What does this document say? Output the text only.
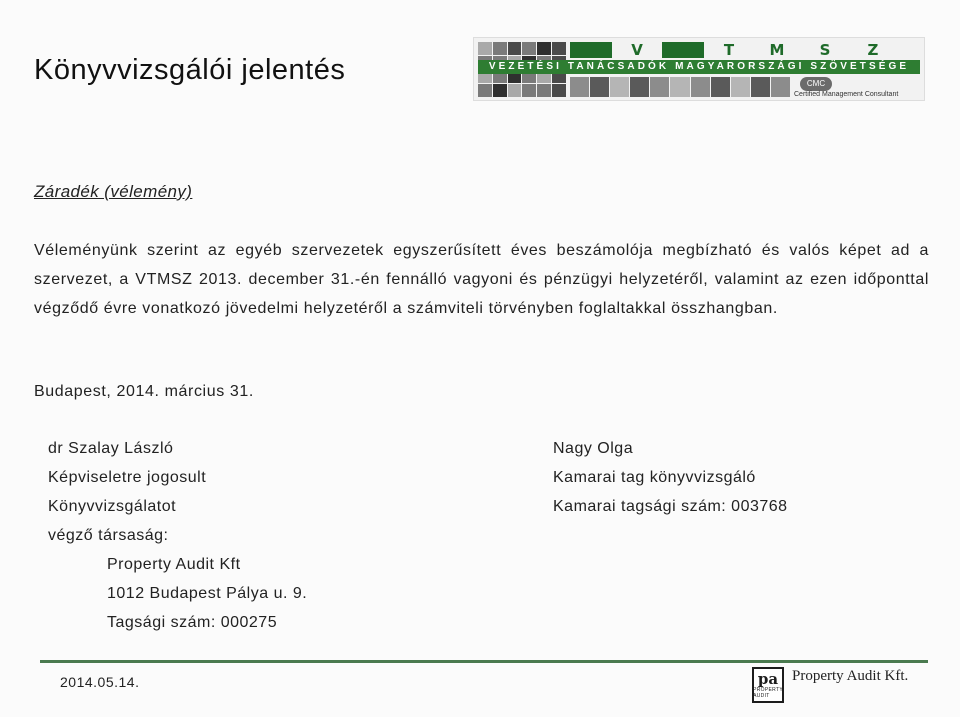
Könyvvizsgálói jelentés
V	T	M	S	Z
VEZETÉSI TANÁCSADÓK MAGYARORSZÁGI SZÖVETSÉGE
CMC
Certified Management Consultant
Záradék (vélemény)
Véleményünk szerint az egyéb szervezetek egyszerűsített éves beszámolója megbízható és valós képet ad a szervezet, a VTMSZ 2013. december 31.-én fennálló vagyoni és pénzügyi helyzetéről, valamint az ezen időponttal végződő évre vonatkozó jövedelmi helyzetéről a számviteli törvényben foglaltakkal összhangban.
Budapest, 2014. március 31.
dr Szalay László
Képviseletre jogosult
Könyvvizsgálatot
végző társaság:
Property Audit Kft
1012 Budapest Pálya u. 9.
Tagsági szám: 000275
Nagy Olga
Kamarai tag könyvvizsgáló
Kamarai tagsági szám: 003768
2014.05.14.	pa
PROPERTY AUDIT
Property Audit Kft.
